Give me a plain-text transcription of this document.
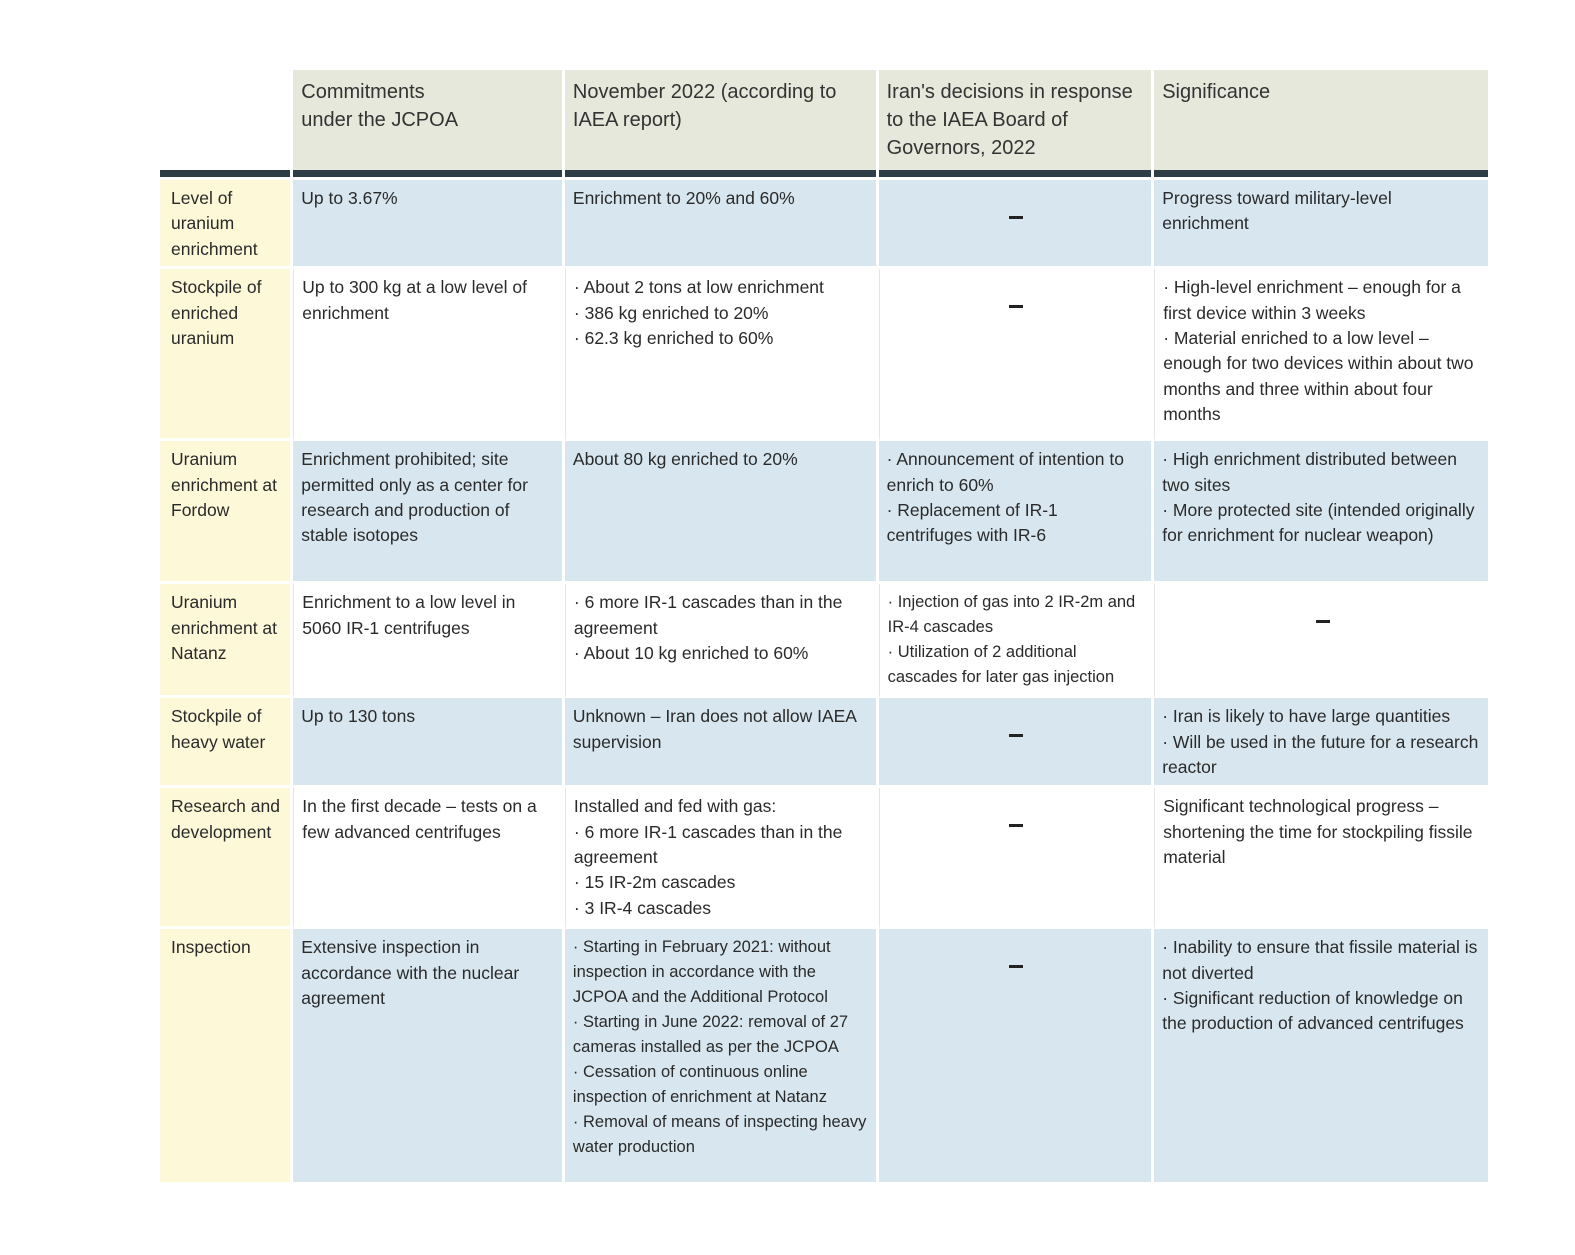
	Commitments
under the JCPOA	November 2022 (according to IAEA report)	Iran's decisions in response to the IAEA Board of Governors, 2022	Significance

Level of uranium enrichment	Up to 3.67%	Enrichment to 20% and 60%		Progress toward military-level enrichment

Stockpile of enriched uranium	Up to 300 kg at a low level of enrichment	· About 2 tons at low enrichment
· 386 kg enriched to 20%
· 62.3 kg enriched to 60%		· High-level enrichment – enough for a first device within 3 weeks
· Material enriched to a low level – enough for two devices within about two months and three within about four months

Uranium enrichment at Fordow	Enrichment prohibited; site permitted only as a center for research and production of stable isotopes	About 80 kg enriched to 20%	· Announcement of intention to enrich to 60%
· Replacement of IR-1 centrifuges with IR-6	· High enrichment distributed between two sites
· More protected site (intended originally for enrichment for nuclear weapon)

Uranium enrichment at Natanz	Enrichment to a low level in 5060 IR-1 centrifuges	· 6 more IR-1 cascades than in the agreement
· About 10 kg enriched to 60%	· Injection of gas into 2 IR-2m and IR-4 cascades
· Utilization of 2 additional cascades for later gas injection	

Stockpile of heavy water	Up to 130 tons	Unknown – Iran does not allow IAEA supervision		· Iran is likely to have large quantities
· Will be used in the future for a research reactor

Research and development	In the first decade – tests on a few advanced centrifuges	Installed and fed with gas:
· 6 more IR-1 cascades than in the agreement
· 15 IR-2m cascades
· 3 IR-4 cascades		Significant technological progress – shortening the time for stockpiling fissile material

Inspection	Extensive inspection in accordance with the nuclear agreement	· Starting in February 2021: without inspection in accordance with the JCPOA and the Additional Protocol
· Starting in June 2022: removal of 27 cameras installed as per the JCPOA
· Cessation of continuous online inspection of enrichment at Natanz
· Removal of means of inspecting heavy water production		· Inability to ensure that fissile material is not diverted
· Significant reduction of knowledge on the production of advanced centrifuges
